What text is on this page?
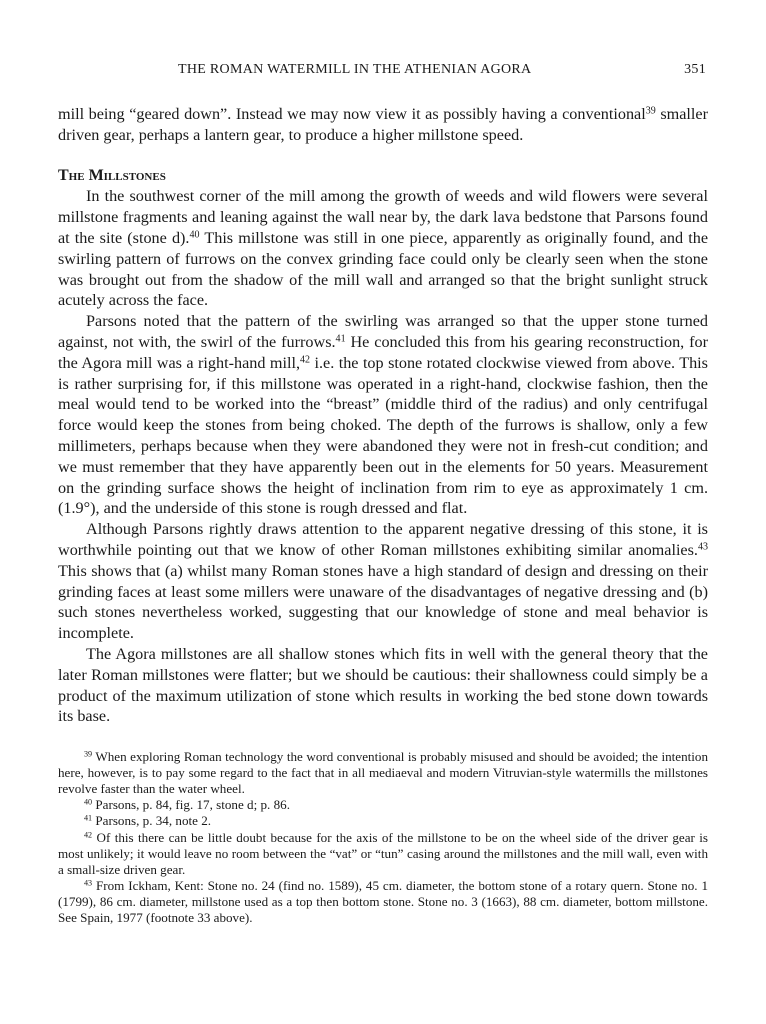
THE ROMAN WATERMILL IN THE ATHENIAN AGORA	351

mill being “geared down”. Instead we may now view it as possibly having a conventional$^{39}$ smaller driven gear, perhaps a lantern gear, to produce a higher millstone speed.

The Millstones

In the southwest corner of the mill among the growth of weeds and wild flowers were several millstone fragments and leaning against the wall near by, the dark lava bedstone that Parsons found at the site (stone d).$^{40}$ This millstone was still in one piece, apparently as originally found, and the swirling pattern of furrows on the convex grinding face could only be clearly seen when the stone was brought out from the shadow of the mill wall and arranged so that the bright sunlight struck acutely across the face.

Parsons noted that the pattern of the swirling was arranged so that the upper stone turned against, not with, the swirl of the furrows.$^{41}$ He concluded this from his gearing reconstruction, for the Agora mill was a right-hand mill,$^{42}$ i.e. the top stone rotated clockwise viewed from above. This is rather surprising for, if this millstone was operated in a right-hand, clockwise fashion, then the meal would tend to be worked into the “breast” (middle third of the radius) and only centrifugal force would keep the stones from being choked. The depth of the furrows is shallow, only a few millimeters, perhaps because when they were abandoned they were not in fresh-cut condition; and we must remember that they have apparently been out in the elements for 50 years. Measurement on the grinding surface shows the height of inclination from rim to eye as approximately 1 cm. (1.9°), and the underside of this stone is rough dressed and flat.

Although Parsons rightly draws attention to the apparent negative dressing of this stone, it is worthwhile pointing out that we know of other Roman millstones exhibiting similar anomalies.$^{43}$ This shows that (a) whilst many Roman stones have a high standard of design and dressing on their grinding faces at least some millers were unaware of the disadvantages of negative dressing and (b) such stones nevertheless worked, suggesting that our knowledge of stone and meal behavior is incomplete.

The Agora millstones are all shallow stones which fits in well with the general theory that the later Roman millstones were flatter; but we should be cautious: their shallowness could simply be a product of the maximum utilization of stone which results in working the bed stone down towards its base.

$^{39}$ When exploring Roman technology the word conventional is probably misused and should be avoided; the intention here, however, is to pay some regard to the fact that in all mediaeval and modern Vitruvian-style watermills the millstones revolve faster than the water wheel.

$^{40}$ Parsons, p. 84, fig. 17, stone d; p. 86.

$^{41}$ Parsons, p. 34, note 2.

$^{42}$ Of this there can be little doubt because for the axis of the millstone to be on the wheel side of the driver gear is most unlikely; it would leave no room between the “vat” or “tun” casing around the millstones and the mill wall, even with a small-size driven gear.

$^{43}$ From Ickham, Kent: Stone no. 24 (find no. 1589), 45 cm. diameter, the bottom stone of a rotary quern. Stone no. 1 (1799), 86 cm. diameter, millstone used as a top then bottom stone. Stone no. 3 (1663), 88 cm. diameter, bottom millstone. See Spain, 1977 (footnote 33 above).
